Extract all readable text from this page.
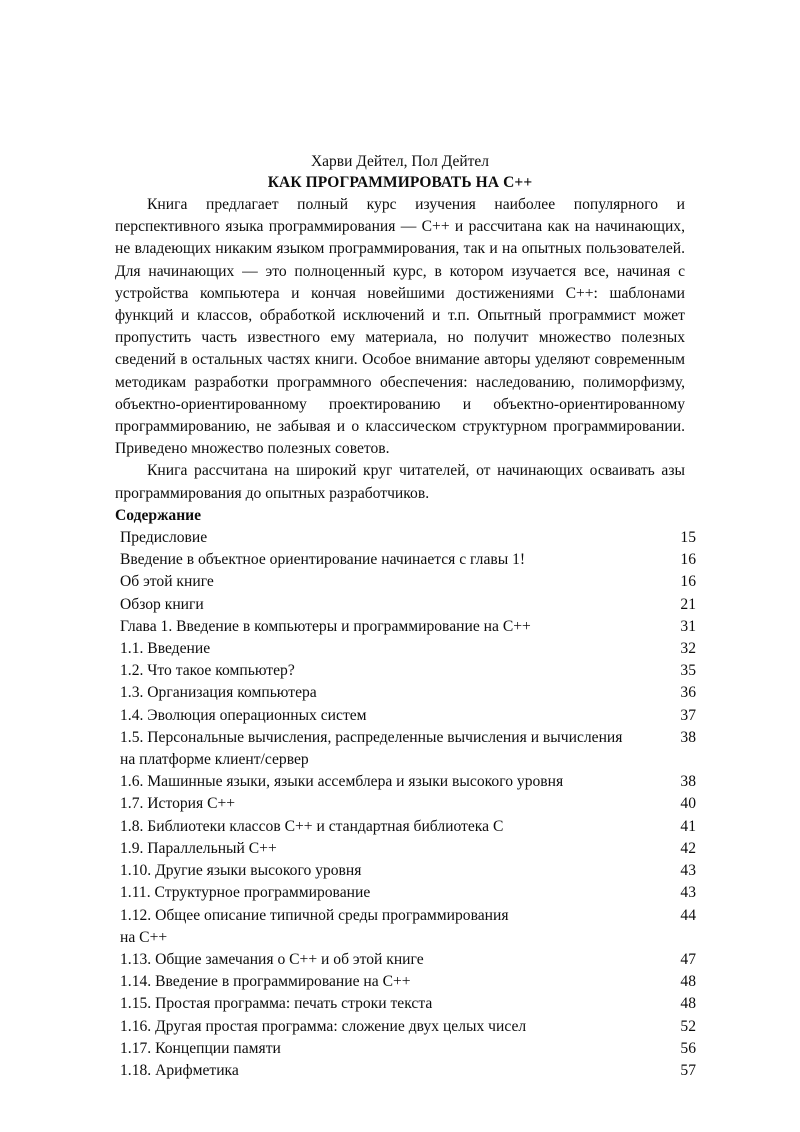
Харви Дейтел, Пол Дейтел
КАК ПРОГРАММИРОВАТЬ НА C++

Книга предлагает полный курс изучения наиболее популярного и перспективного языка программирования — C++ и рассчитана как на начинающих, не владеющих никаким языком программирования, так и на опытных пользователей. Для начинающих — это полноценный курс, в котором изучается все, начиная с устройства компьютера и кончая новейшими достижениями C++: шаблонами функций и классов, обработкой исключений и т.п. Опытный программист может пропустить часть известного ему материала, но получит множество полезных сведений в остальных частях книги. Особое внимание авторы уделяют современным методикам разработки программного обеспечения: наследованию, полиморфизму, объектно-ориентированному проектированию и объектно-ориентированному программированию, не забывая и о классическом структурном программировании. Приведено множество полезных советов.

Книга рассчитана на широкий круг читателей, от начинающих осваивать азы программирования до опытных разработчиков.

Содержание
Предисловие	15
Введение в объектное ориентирование начинается с главы 1!	16
Об этой книге	16
Обзор книги	21
Глава 1. Введение в компьютеры и программирование на C++	31
1.1. Введение	32
1.2. Что такое компьютер?	35
1.3. Организация компьютера	36
1.4. Эволюция операционных систем	37
1.5. Персональные вычисления, распределенные вычисления и вычисления	38
на платформе клиент/сервер
1.6. Машинные языки, языки ассемблера и языки высокого уровня	38
1.7. История C++	40
1.8. Библиотеки классов C++ и стандартная библиотека C	41
1.9. Параллельный C++	42
1.10. Другие языки высокого уровня	43
1.11. Структурное программирование	43
1.12. Общее описание типичной среды программирования	44
на C++
1.13. Общие замечания о C++ и об этой книге	47
1.14. Введение в программирование на C++	48
1.15. Простая программа: печать строки текста	48
1.16. Другая простая программа: сложение двух целых чисел	52
1.17. Концепции памяти	56
1.18. Арифметика	57
